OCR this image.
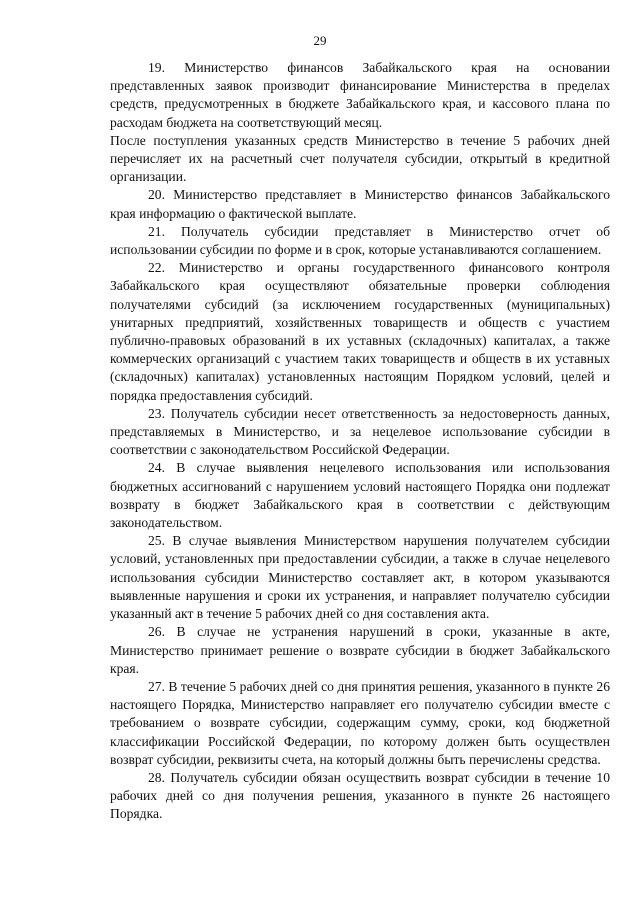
29

19. Министерство финансов Забайкальского края на основании представленных заявок производит финансирование Министерства в пределах средств, предусмотренных в бюджете Забайкальского края, и кассового плана по расходам бюджета на соответствующий месяц.

После поступления указанных средств Министерство в течение 5 рабочих дней перечисляет их на расчетный счет получателя субсидии, открытый в кредитной организации.

20. Министерство представляет в Министерство финансов Забайкальского края информацию о фактической выплате.

21. Получатель субсидии представляет в Министерство отчет об использовании субсидии по форме и в срок, которые устанавливаются соглашением.

22. Министерство и органы государственного финансового контроля Забайкальского края осуществляют обязательные проверки соблюдения получателями субсидий (за исключением государственных (муниципальных) унитарных предприятий, хозяйственных товариществ и обществ с участием публично-правовых образований в их уставных (складочных) капиталах, а также коммерческих организаций с участием таких товариществ и обществ в их уставных (складочных) капиталах) установленных настоящим Порядком условий, целей и порядка предоставления субсидий.

23. Получатель субсидии несет ответственность за недостоверность данных, представляемых в Министерство, и за нецелевое использование субсидии в соответствии с законодательством Российской Федерации.

24. В случае выявления нецелевого использования или использования бюджетных ассигнований с нарушением условий настоящего Порядка они подлежат возврату в бюджет Забайкальского края в соответствии с действующим законодательством.

25. В случае выявления Министерством нарушения получателем субсидии условий, установленных при предоставлении субсидии, а также в случае нецелевого использования субсидии Министерство составляет акт, в котором указываются выявленные нарушения и сроки их устранения, и направляет получателю субсидии указанный акт в течение 5 рабочих дней со дня составления акта.

26. В случае не устранения нарушений в сроки, указанные в акте, Министерство принимает решение о возврате субсидии в бюджет Забайкальского края.

27. В течение 5 рабочих дней со дня принятия решения, указанного в пункте 26 настоящего Порядка, Министерство направляет его получателю субсидии вместе с требованием о возврате субсидии, содержащим сумму, сроки, код бюджетной классификации Российской Федерации, по которому должен быть осуществлен возврат субсидии, реквизиты счета, на который должны быть перечислены средства.

28. Получатель субсидии обязан осуществить возврат субсидии в течение 10 рабочих дней со дня получения решения, указанного в пункте 26 настоящего Порядка.
